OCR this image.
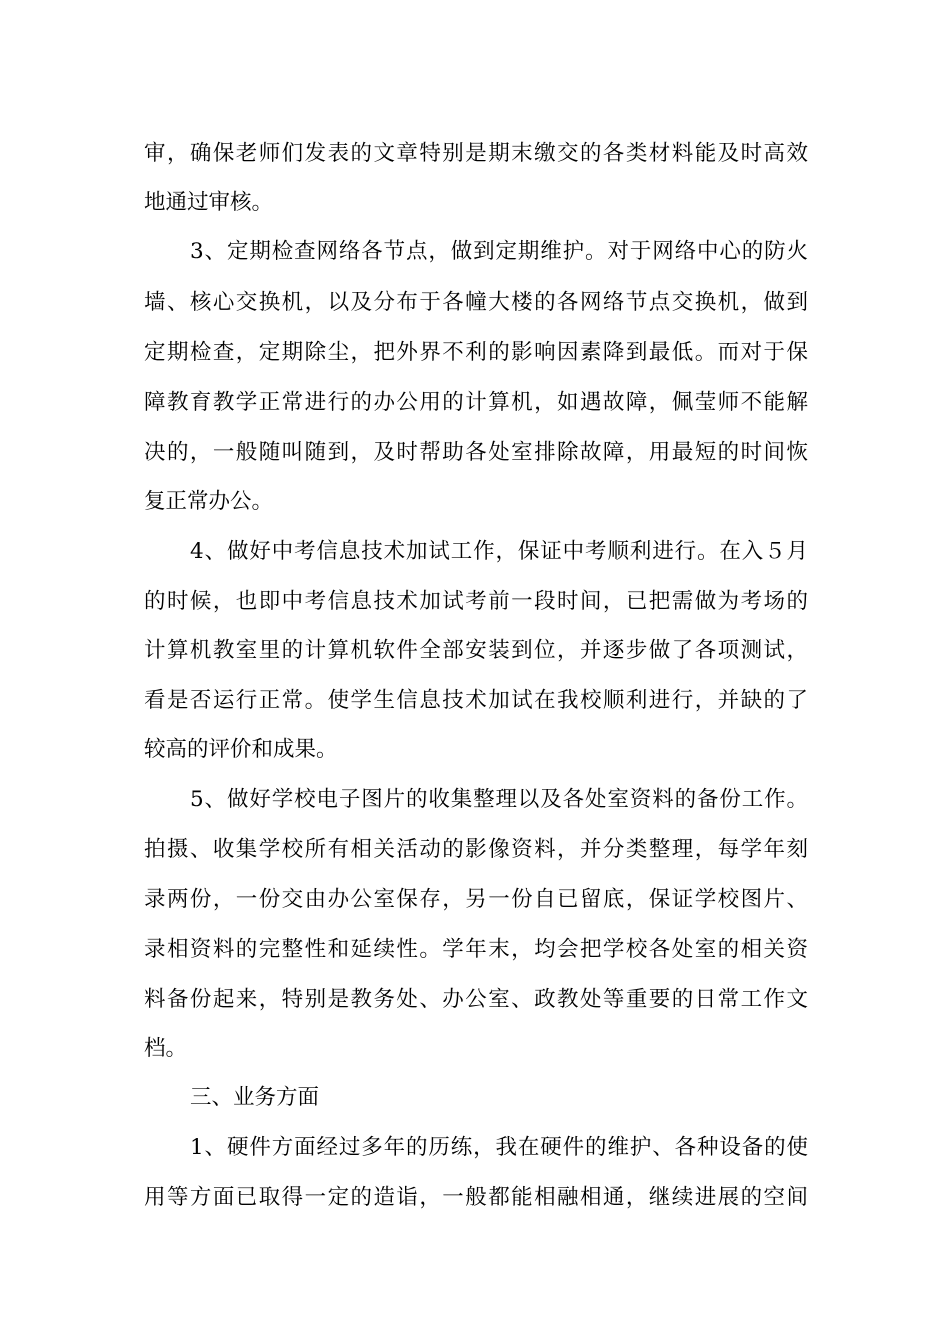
审，确保老师们发表的文章特别是期末缴交的各类材料能及时高效
地通过审核。
3、定期检查网络各节点，做到定期维护。对于网络中心的防火
墙、核心交换机，以及分布于各幢大楼的各网络节点交换机，做到
定期检查，定期除尘，把外界不利的影响因素降到最低。而对于保
障教育教学正常进行的办公用的计算机，如遇故障，佩莹师不能解
决的，一般随叫随到，及时帮助各处室排除故障，用最短的时间恢
复正常办公。
4、做好中考信息技术加试工作，保证中考顺利进行。在入５月
的时候，也即中考信息技术加试考前一段时间，已把需做为考场的
计算机教室里的计算机软件全部安装到位，并逐步做了各项测试，
看是否运行正常。使学生信息技术加试在我校顺利进行，并缺的了
较高的评价和成果。
5、做好学校电子图片的收集整理以及各处室资料的备份工作。
拍摄、收集学校所有相关活动的影像资料，并分类整理，每学年刻
录两份，一份交由办公室保存，另一份自已留底，保证学校图片、
录相资料的完整性和延续性。学年末，均会把学校各处室的相关资
料备份起来，特别是教务处、办公室、政教处等重要的日常工作文
档。
三、业务方面
1、硬件方面经过多年的历练，我在硬件的维护、各种设备的使
用等方面已取得一定的造诣，一般都能相融相通，继续进展的空间
